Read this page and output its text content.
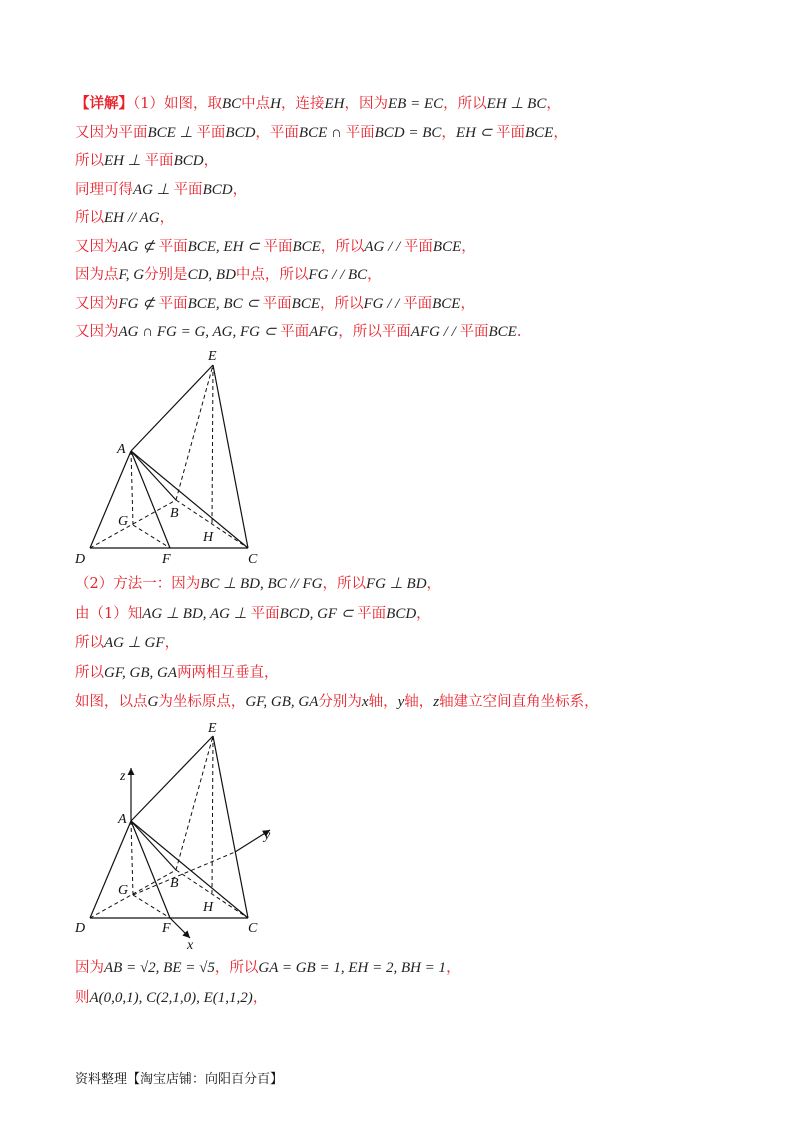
【详解】（1）如图，取BC中点H，连接EH，因为EB = EC，所以EH ⊥ BC，
又因为平面BCE ⊥ 平面BCD，平面BCE ∩ 平面BCD = BC，EH ⊂ 平面BCE，
所以EH ⊥ 平面BCD，
同理可得AG ⊥ 平面BCD，
所以EH // AG，
又因为AG ⊄ 平面BCE, EH ⊂ 平面BCE，所以AG / / 平面BCE，
因为点F, G分别是CD, BD中点，所以FG / / BC，
又因为FG ⊄ 平面BCE, BC ⊂ 平面BCE，所以FG / / 平面BCE，
又因为AG ∩ FG = G, AG, FG ⊂ 平面AFG，所以平面AFG / / 平面BCE.
E
A
G
B
H
D	F	C
（2）方法一：因为BC ⊥ BD, BC // FG，所以FG ⊥ BD，
由（1）知AG ⊥ BD, AG ⊥ 平面BCD, GF ⊂ 平面BCD，
所以AG ⊥ GF，
所以GF, GB, GA两两相互垂直，
如图，以点G为坐标原点，GF, GB, GA分别为x轴，y轴，z轴建立空间直角坐标系，
E
A
z
G	B
H
y
D	F	C
x
因为AB = √2, BE = √5，所以GA = GB = 1, EH = 2, BH = 1，
则A(0,0,1), C(2,1,0), E(1,1,2)，
资料整理【淘宝店铺：向阳百分百】
